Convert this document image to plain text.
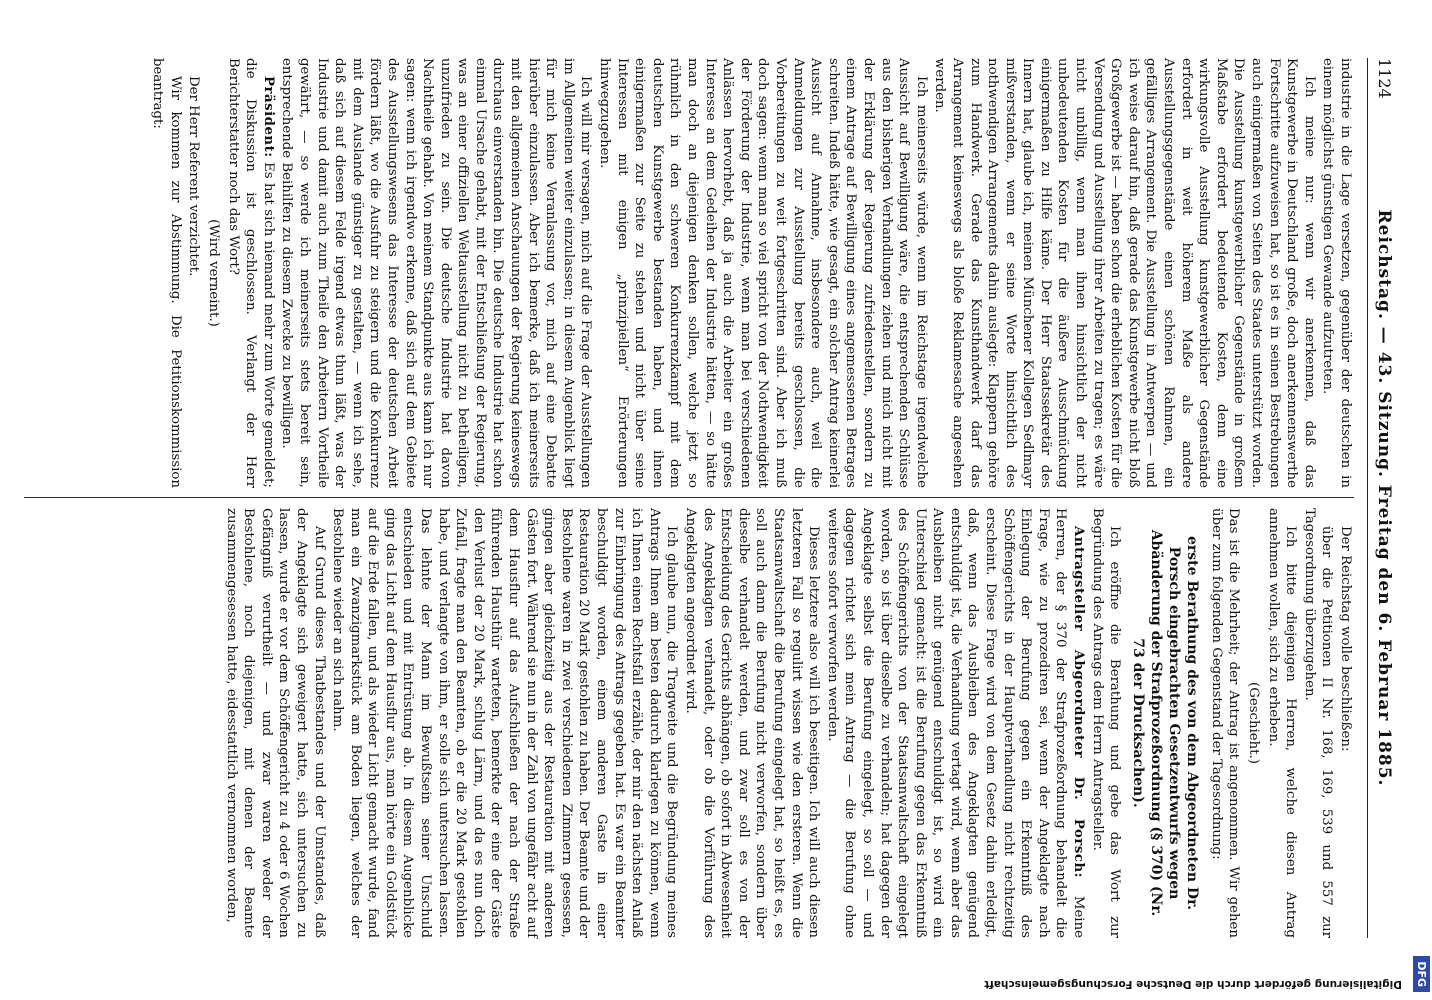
DFG
Digitalisierung gefördert durch die Deutsche Forschungsgemeinschaft
1124
Reichstag. — 43. Sitzung. Freitag den 6. Februar 1885.

industrie in die Lage versetzen, gegenüber der deutschen in einem möglichst günstigen Gewande aufzutreten.

Ich meine nur: wenn wir anerkennen, daß das Kunstgewerbe in Deutschland große, doch anerkennenswerthe Fortschritte aufzuweisen hat, so ist es in seinen Bestrebungen auch einigermaßen von Seiten des Staates unterstützt worden. Die Ausstellung kunstgewerblicher Gegenstände in großem Maßstabe erfordert bedeutende Kosten, denn eine wirkungsvolle Ausstellung kunstgewerblicher Gegenstände erfordert in weit höherem Maße als andere Ausstellungsgegenstände einen schönen Rahmen, ein gefälliges Arrangement. Die Ausstellung in Antwerpen — und ich weise darauf hin, daß gerade das Kunstgewerbe nicht bloß Großgewerbe ist — haben schon die erheblichen Kosten für die Versendung und Ausstellung ihrer Arbeiten zu tragen; es wäre nicht unbillig, wenn man ihnen hinsichtlich der nicht unbedeutenden Kosten für die äußere Ausschmückung einigermaßen zu Hilfe käme. Der Herr Staatssekretär des Innern hat, glaube ich, meinen Münchener Kollegen Sedlmayr mißverstanden, wenn er seine Worte hinsichtlich des nothwendigen Arrangements dahin auslegte: Klappern gehöre zum Handwerk. Gerade das Kunsthandwerk darf das Arrangement keineswegs als bloße Reklamesache angesehen werden.

Ich meinerseits würde, wenn im Reichstage irgendwelche Aussicht auf Bewilligung wäre, die entsprechenden Schlüsse aus den bisherigen Verhandlungen ziehen und mich nicht mit der Erklärung der Regierung zufriedenstellen, sondern zu einem Antrage auf Bewilligung eines angemessenen Betrages schreiten. Indeß hätte, wie gesagt, ein solcher Antrag keinerlei Aussicht auf Annahme, insbesondere auch, weil die Anmeldungen zur Ausstellung bereits geschlossen, die Vorbereitungen zu weit fortgeschritten sind. Aber ich muß doch sagen: wenn man so viel spricht von der Nothwendigkeit der Förderung der Industrie, wenn man bei verschiedenen Anlässen hervorhebt, daß ja auch die Arbeiter ein großes Interesse an dem Gedeihen der Industrie hätten, — so hätte man doch an diejenigen denken sollen, welche jetzt so rühmlich in den schweren Konkurrenzkampf mit dem deutschen Kunstgewerbe bestanden haben, und ihnen einigermaßen zur Seite zu stehen und nicht über seine Interessen mit einigen „prinzipiellen“ Erörterungen hinwegzugehen.

Ich will mir versagen, mich auf die Frage der Ausstellungen im Allgemeinen weiter einzulassen; in diesem Augenblick liegt für mich keine Veranlassung vor, mich auf eine Debatte hierüber einzulassen. Aber ich bemerke, daß ich meinerseits mit den allgemeinen Anschauungen der Regierung keineswegs durchaus einverstanden bin. Die deutsche Industrie hat schon einmal Ursache gehabt, mit der Entschließung der Regierung, was an einer offiziellen Weltausstellung nicht zu betheiligen, unzufrieden zu sein. Die deutsche Industrie hat davon Nachtheile gehabt. Von meinem Standpunkte aus kann ich nur sagen: wenn ich irgendwo erkenne, daß sich auf dem Gebiete des Ausstellungswesens das Interesse der deutschen Arbeit fördern läßt, wo die Ausfuhr zu steigern und die Konkurrenz mit dem Auslande günstiger zu gestalten, — wenn ich sehe, daß sich auf diesem Felde irgend etwas thun läßt, was der Industrie und damit auch zum Theile den Arbeitern Vortheile gewährt, — so werde ich meinerseits stets bereit sein, entsprechende Beihilfen zu diesem Zwecke zu bewilligen.

Präsident: Es hat sich niemand mehr zum Worte gemeldet; die Diskussion ist geschlossen. Verlangt der Herr Berichterstatter noch das Wort?

(Wird verneint.)

Der Herr Referent verzichtet.

Wir kommen zur Abstimmung. Die Petitionskommission beantragt:

Der Reichstag wolle beschließen:

über die Petitionen II Nr. 168, 169, 539 und 557 zur Tagesordnung überzugehen.

Ich bitte diejenigen Herren, welche diesen Antrag annehmen wollen, sich zu erheben.

(Geschieht.)

Das ist die Mehrheit; der Antrag ist angenommen. Wir gehen über zum folgenden Gegenstand der Tagesordnung:

erste Berathung des von dem Abgeordneten Dr. Porsch eingebrachten Gesetzentwurfs wegen Abänderung der Strafprozeßordnung (§ 370) (Nr. 73 der Drucksachen).

Ich eröffne die Berathung und gebe das Wort zur Begründung des Antrags dem Herrn Antragsteller.

Antragsteller Abgeordneter Dr. Porsch: Meine Herren, der § 370 der Strafprozeßordnung behandelt die Frage, wie zu prozediren sei, wenn der Angeklagte nach Einlegung der Berufung gegen ein Erkenntniß des Schöffengerichts in der Hauptverhandlung nicht rechtzeitig erscheint. Diese Frage wird von dem Gesetz dahin erledigt, daß, wenn das Ausbleiben des Angeklagten genügend entschuldigt ist, die Verhandlung vertagt wird, wenn aber das Ausbleiben nicht genügend entschuldigt ist, so wird ein Unterschied gemacht: ist die Berufung gegen das Erkenntniß des Schöffengerichts von der Staatsanwaltschaft eingelegt worden, so ist über dieselbe zu verhandeln; hat dagegen der Angeklagte selbst die Berufung eingelegt, so soll — und dagegen richtet sich mein Antrag — die Berufung ohne weiteres sofort verworfen werden.

Dieses letztere also will ich beseitigen. Ich will auch diesen letzteren Fall so regulirt wissen wie den ersteren. Wenn die Staatsanwaltschaft die Berufung eingelegt hat, so heißt es, es soll auch dann die Berufung nicht verworfen, sondern über dieselbe verhandelt werden, und zwar soll es von der Entscheidung des Gerichts abhängen, ob sofort in Abwesenheit des Angeklagten verhandelt, oder ob die Vorführung des Angeklagten angeordnet wird.

Ich glaube nun, die Tragweite und die Begründung meines Antrags Ihnen am besten dadurch klarlegen zu können, wenn ich Ihnen einen Rechtsfall erzähle, der mir den nächsten Anlaß zur Einbringung des Antrags gegeben hat. Es war ein Beamter beschuldigt worden, einem anderen Gaste in einer Restauration 20 Mark gestohlen zu haben. Der Beamte und der Bestohlene waren in zwei verschiedenen Zimmern gesessen, gingen aber gleichzeitig aus der Restauration mit anderen Gästen fort. Während sie nun in der Zahl von ungefähr acht auf dem Hausflur auf das Aufschließen der nach der Straße führenden Hausthür warteten, bemerkte der eine der Gäste den Verlust der 20 Mark, schlug Lärm, und da es nun doch Zufall, fragte man den Beamten, ob er die 20 Mark gestohlen habe, und verlangte von ihm, er solle sich untersuchen lassen. Das lehnte der Mann im Bewußtsein seiner Unschuld entschieden und mit Entrüstung ab. In diesem Augenblicke ging das Licht auf dem Hausflur aus, man hörte ein Goldstück auf die Erde fallen, und als wieder Licht gemacht wurde, fand man ein Zwanzigmarkstück am Boden liegen, welches der Bestohlene wieder an sich nahm.

Auf Grund dieses Thatbestandes und der Umstandes, daß der Angeklagte sich geweigert hatte, sich untersuchen zu lassen, wurde er vor dem Schöffengericht zu 4 oder 6 Wochen Gefängniß verurtheilt — und zwar waren weder der Bestohlene, noch diejenigen, mit denen der Beamte zusammengesessen hatte, eidesstattlich vernommen worden,
